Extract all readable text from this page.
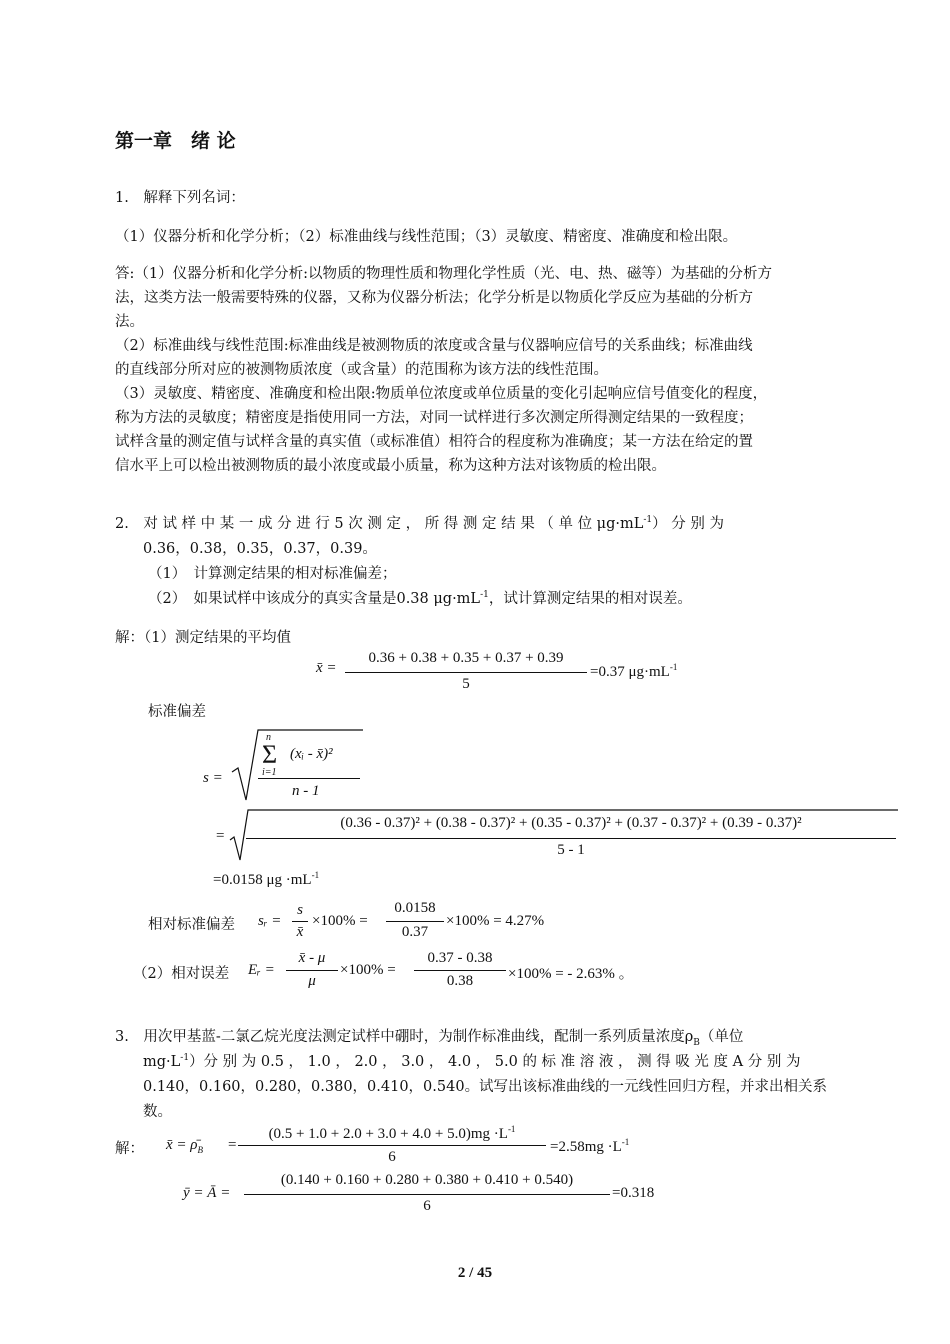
第一章　绪 论
1.　解释下列名词：
（1）仪器分析和化学分析；（2）标准曲线与线性范围；（3）灵敏度、精密度、准确度和检出限。
答:（1）仪器分析和化学分析:以物质的物理性质和物理化学性质（光、电、热、磁等）为基础的分析方
法，这类方法一般需要特殊的仪器，又称为仪器分析法；化学分析是以物质化学反应为基础的分析方
法。
（2）标准曲线与线性范围:标准曲线是被测物质的浓度或含量与仪器响应信号的关系曲线；标准曲线
的直线部分所对应的被测物质浓度（或含量）的范围称为该方法的线性范围。
（3）灵敏度、精密度、准确度和检出限:物质单位浓度或单位质量的变化引起响应信号值变化的程度，
称为方法的灵敏度；精密度是指使用同一方法，对同一试样进行多次测定所得测定结果的一致程度；
试样含量的测定值与试样含量的真实值（或标准值）相符合的程度称为准确度；某一方法在给定的置
信水平上可以检出被测物质的最小浓度或最小质量，称为这种方法对该物质的检出限。
2.　对 试 样 中 某 一 成 分 进 行 5 次 测 定 ， 所 得 测 定 结 果 （ 单 位 $\mu g\cdot mL^{-1}$） 分 别 为
0.36，0.38，0.35，0.37，0.39。
（1）　计算测定结果的相对标准偏差；
（2）　如果试样中该成分的真实含量是0.38 $\mu g\cdot mL^{-1}$，试计算测定结果的相对误差。
解：（1）测定结果的平均值
x̄ =
0.36 + 0.38 + 0.35 + 0.37 + 0.39
5
=0.37 $\mu g\cdot mL^{-1}$
标准偏差
s =
n
Σ
i=1
(xᵢ - x̄)²
n - 1
=
(0.36 - 0.37)² + (0.38 - 0.37)² + (0.35 - 0.37)² + (0.37 - 0.37)² + (0.39 - 0.37)²
5 - 1
=0.0158 $\mu g \cdot mL^{-1}$
相对标准偏差 sᵣ =
s
x̄
×100% =
0.0158
0.37
×100% = 4.27%
（2）相对误差 Eᵣ =
x̄ - μ
μ
×100% =
0.37 - 0.38
0.38	×100% = - 2.63% 。
3.　用次甲基蓝-二氯乙烷光度法测定试样中硼时，为制作标准曲线，配制一系列质量浓度$\rho_B$（单位
$mg\cdot L^{-1}$）分 别 为 0.5 ， 1.0 ， 2.0 ， 3.0 ， 4.0 ， 5.0 的 标 准 溶 液 ， 测 得 吸 光 度 A 分 别 为
0.140，0.160，0.280，0.380，0.410，0.540。试写出该标准曲线的一元线性回归方程，并求出相关系
数。
解： x̄ = $\rhō_B$ =
$(0.5 + 1.0 + 2.0 + 3.0 + 4.0 + 5.0)mg \cdot L^{-1}$
6
$=2.58mg \cdot L^{-1}$
ȳ = Ā =
(0.140 + 0.160 + 0.280 + 0.380 + 0.410 + 0.540)
6
=0.318
2 / 45
